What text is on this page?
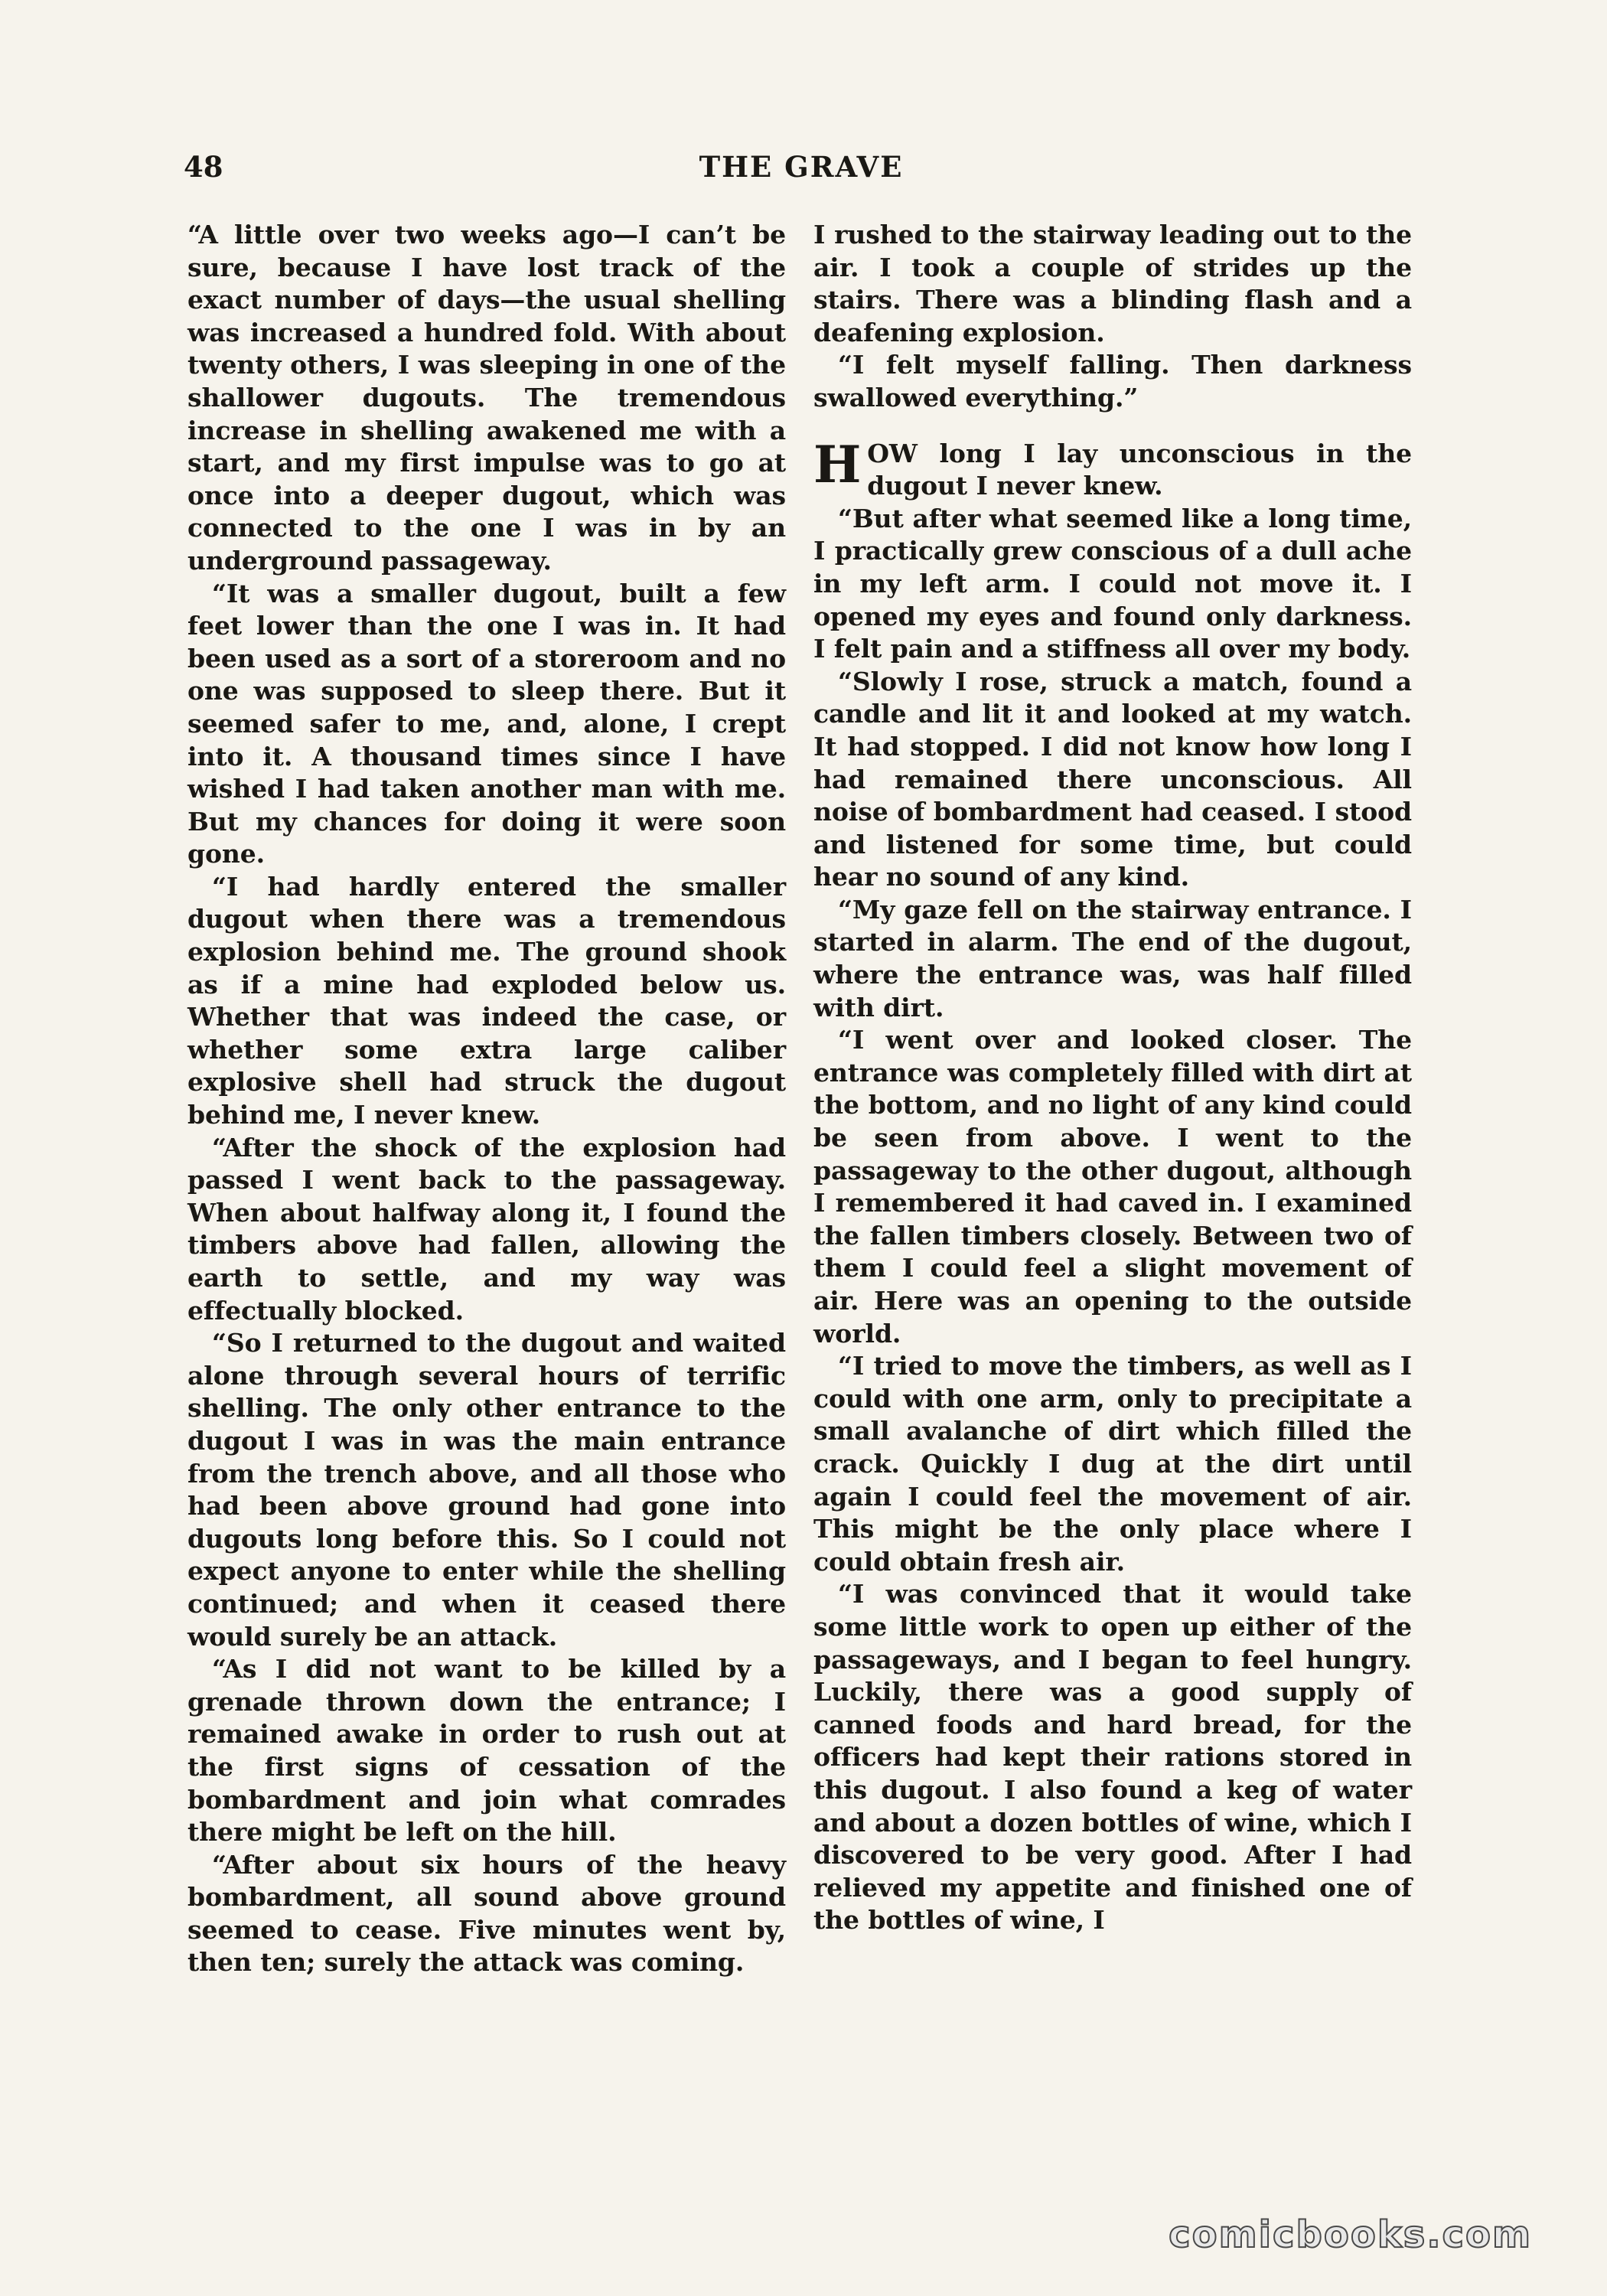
48	THE GRAVE

“A little over two weeks ago—I can’t be sure, because I have lost track of the exact number of days—the usual shelling was increased a hundred fold. With about twenty others, I was sleeping in one of the shallower dugouts. The tremendous increase in shelling awakened me with a start, and my first impulse was to go at once into a deeper dugout, which was connected to the one I was in by an underground passageway.

“It was a smaller dugout, built a few feet lower than the one I was in. It had been used as a sort of a storeroom and no one was supposed to sleep there. But it seemed safer to me, and, alone, I crept into it. A thousand times since I have wished I had taken another man with me. But my chances for doing it were soon gone.

“I had hardly entered the smaller dugout when there was a tremendous explosion behind me. The ground shook as if a mine had exploded below us. Whether that was indeed the case, or whether some extra large caliber explosive shell had struck the dugout behind me, I never knew.

“After the shock of the explosion had passed I went back to the passageway. When about halfway along it, I found the timbers above had fallen, allowing the earth to settle, and my way was effectually blocked.

“So I returned to the dugout and waited alone through several hours of terrific shelling. The only other entrance to the dugout I was in was the main entrance from the trench above, and all those who had been above ground had gone into dugouts long before this. So I could not expect anyone to enter while the shelling continued; and when it ceased there would surely be an attack.

“As I did not want to be killed by a grenade thrown down the entrance; I remained awake in order to rush out at the first signs of cessation of the bombardment and join what comrades there might be left on the hill.

“After about six hours of the heavy bombardment, all sound above ground seemed to cease. Five minutes went by, then ten; surely the attack was coming.

I rushed to the stairway leading out to the air. I took a couple of strides up the stairs. There was a blinding flash and a deafening explosion.

“I felt myself falling. Then darkness swallowed everything.”

HOW long I lay unconscious in the dugout I never knew.

“But after what seemed like a long time, I practically grew conscious of a dull ache in my left arm. I could not move it. I opened my eyes and found only darkness. I felt pain and a stiffness all over my body.

“Slowly I rose, struck a match, found a candle and lit it and looked at my watch. It had stopped. I did not know how long I had remained there unconscious. All noise of bombardment had ceased. I stood and listened for some time, but could hear no sound of any kind.

“My gaze fell on the stairway entrance. I started in alarm. The end of the dugout, where the entrance was, was half filled with dirt.

“I went over and looked closer. The entrance was completely filled with dirt at the bottom, and no light of any kind could be seen from above. I went to the passageway to the other dugout, although I remembered it had caved in. I examined the fallen timbers closely. Between two of them I could feel a slight movement of air. Here was an opening to the outside world.

“I tried to move the timbers, as well as I could with one arm, only to precipitate a small avalanche of dirt which filled the crack. Quickly I dug at the dirt until again I could feel the movement of air. This might be the only place where I could obtain fresh air.

“I was convinced that it would take some little work to open up either of the passageways, and I began to feel hungry. Luckily, there was a good supply of canned foods and hard bread, for the officers had kept their rations stored in this dugout. I also found a keg of water and about a dozen bottles of wine, which I discovered to be very good. After I had relieved my appetite and finished one of the bottles of wine, I

comicbooks.com
